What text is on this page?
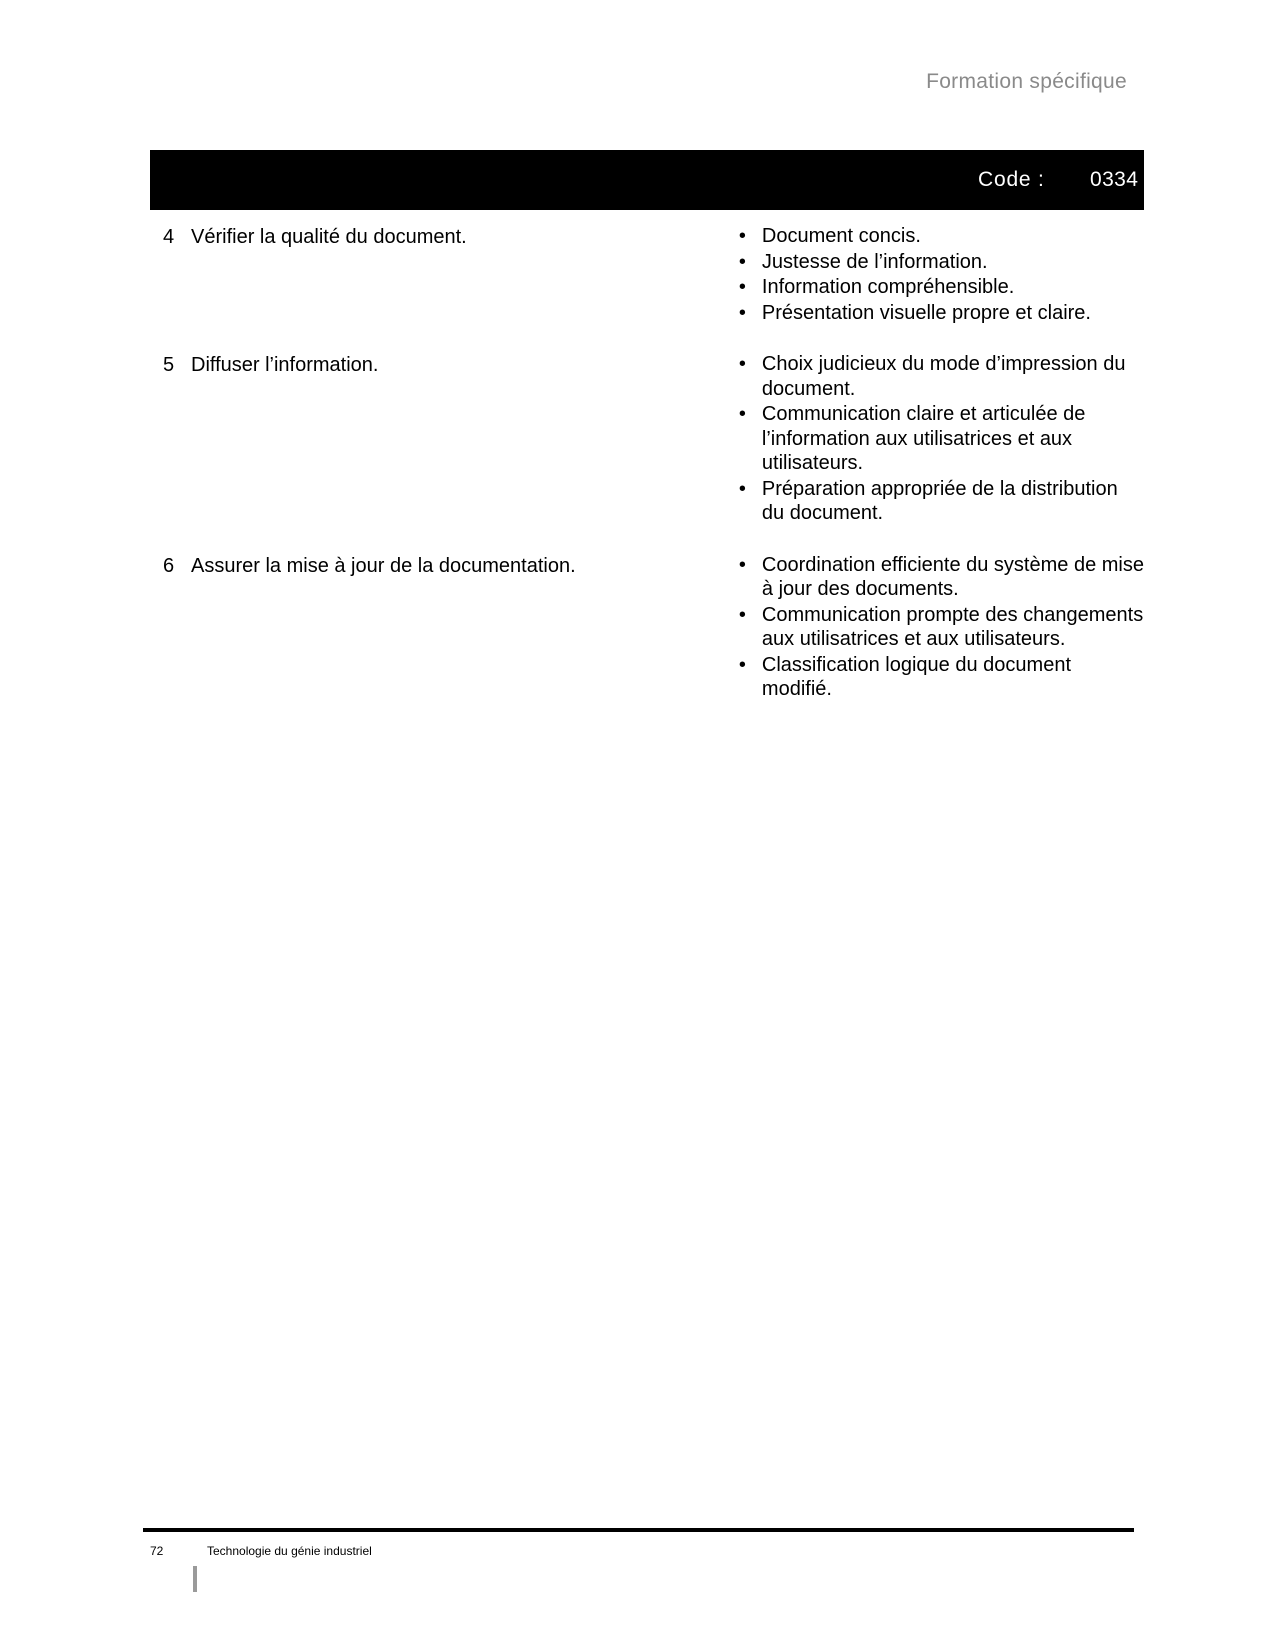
Formation spécifique
Code : 0334
4 Vérifier la qualité du document.	• Document concis.
• Justesse de l’information.
• Information compréhensible.
• Présentation visuelle propre et claire.
5 Diffuser l’information.	• Choix judicieux du mode d’impression du document.
• Communication claire et articulée de l’information aux utilisatrices et aux utilisateurs.
• Préparation appropriée de la distribution du document.
6 Assurer la mise à jour de la documentation.	• Coordination efficiente du système de mise à jour des documents.
• Communication prompte des changements aux utilisatrices et aux utilisateurs.
• Classification logique du document modifié.
72	Technologie du génie industriel
